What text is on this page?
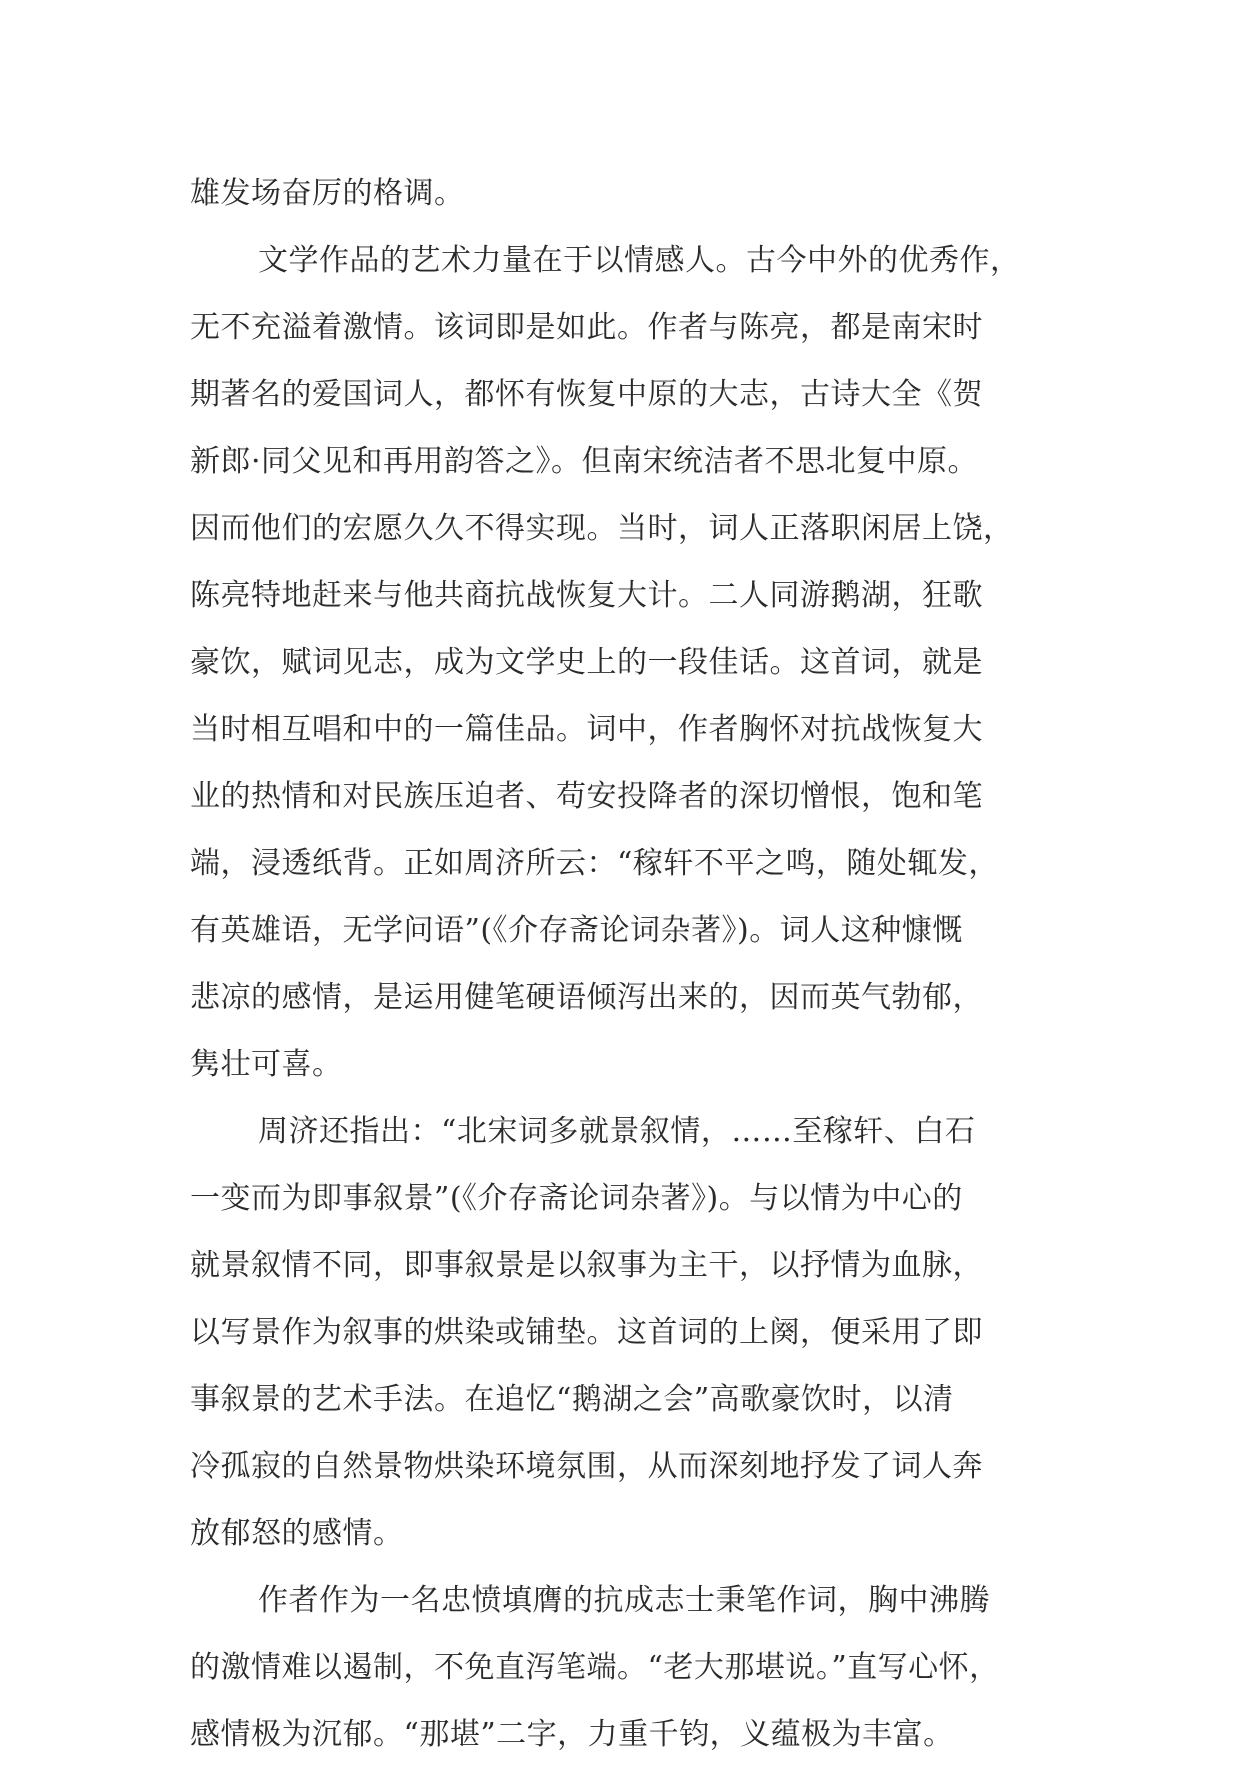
雄发场奋厉的格调。
文学作品的艺术力量在于以情感人。古今中外的优秀作，
无不充溢着激情。该词即是如此。作者与陈亮，都是南宋时
期著名的爱国词人，都怀有恢复中原的大志，古诗大全《贺
新郎·同父见和再用韵答之》。但南宋统洁者不思北复中原。
因而他们的宏愿久久不得实现。当时，词人正落职闲居上饶，
陈亮特地赶来与他共商抗战恢复大计。二人同游鹅湖，狂歌
豪饮，赋词见志，成为文学史上的一段佳话。这首词，就是
当时相互唱和中的一篇佳品。词中，作者胸怀对抗战恢复大
业的热情和对民族压迫者、苟安投降者的深切憎恨，饱和笔
端，浸透纸背。正如周济所云：“稼轩不平之鸣，随处辄发，
有英雄语，无学问语”(《介存斋论词杂著》)。词人这种慷慨
悲凉的感情，是运用健笔硬语倾泻出来的，因而英气勃郁，
隽壮可喜。
周济还指出：“北宋词多就景叙情，……至稼轩、白石
一变而为即事叙景”(《介存斋论词杂著》)。与以情为中心的
就景叙情不同，即事叙景是以叙事为主干，以抒情为血脉，
以写景作为叙事的烘染或铺垫。这首词的上阕，便采用了即
事叙景的艺术手法。在追忆“鹅湖之会”高歌豪饮时，以清
冷孤寂的自然景物烘染环境氛围，从而深刻地抒发了词人奔
放郁怒的感情。
作者作为一名忠愤填膺的抗成志士秉笔作词，胸中沸腾
的激情难以遏制，不免直泻笔端。“老大那堪说。”直写心怀，
感情极为沉郁。“那堪”二字，力重千钧，义蕴极为丰富。
